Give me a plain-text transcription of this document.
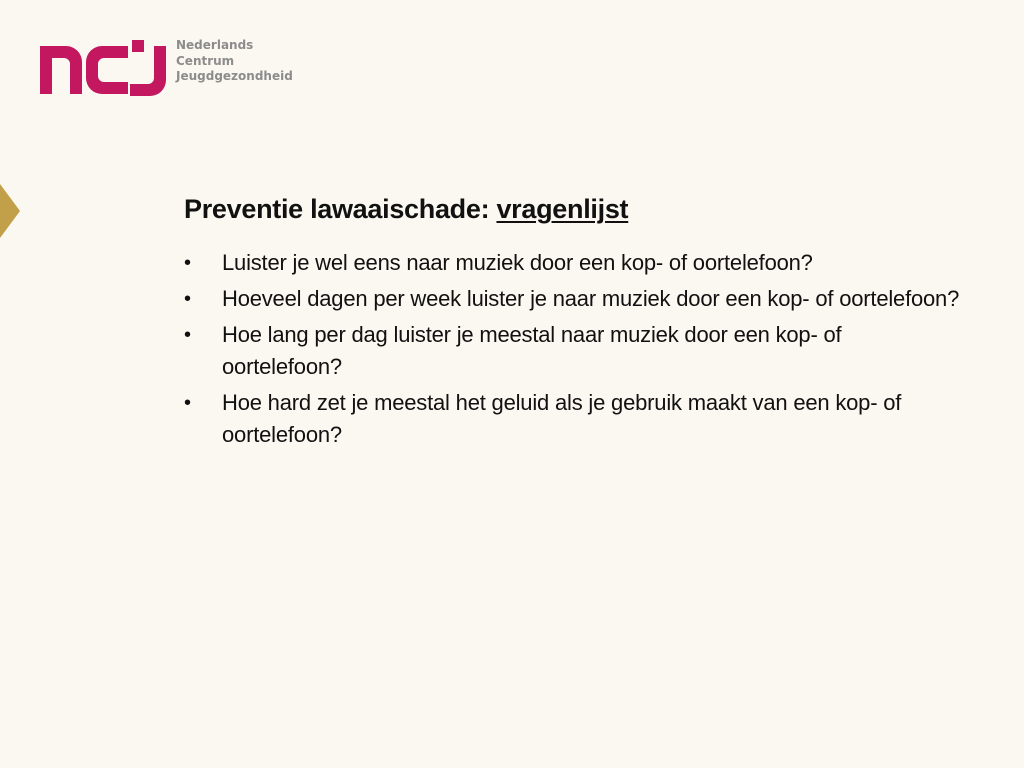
Nederlands
Centrum
Jeugdgezondheid
Preventie lawaaischade: vragenlijst
• Luister je wel eens naar muziek door een kop- of oortelefoon?
• Hoeveel dagen per week luister je naar muziek door een kop- of oortelefoon?
• Hoe lang per dag luister je meestal naar muziek door een kop- of oortelefoon?
• Hoe hard zet je meestal het geluid als je gebruik maakt van een kop- of oortelefoon?
